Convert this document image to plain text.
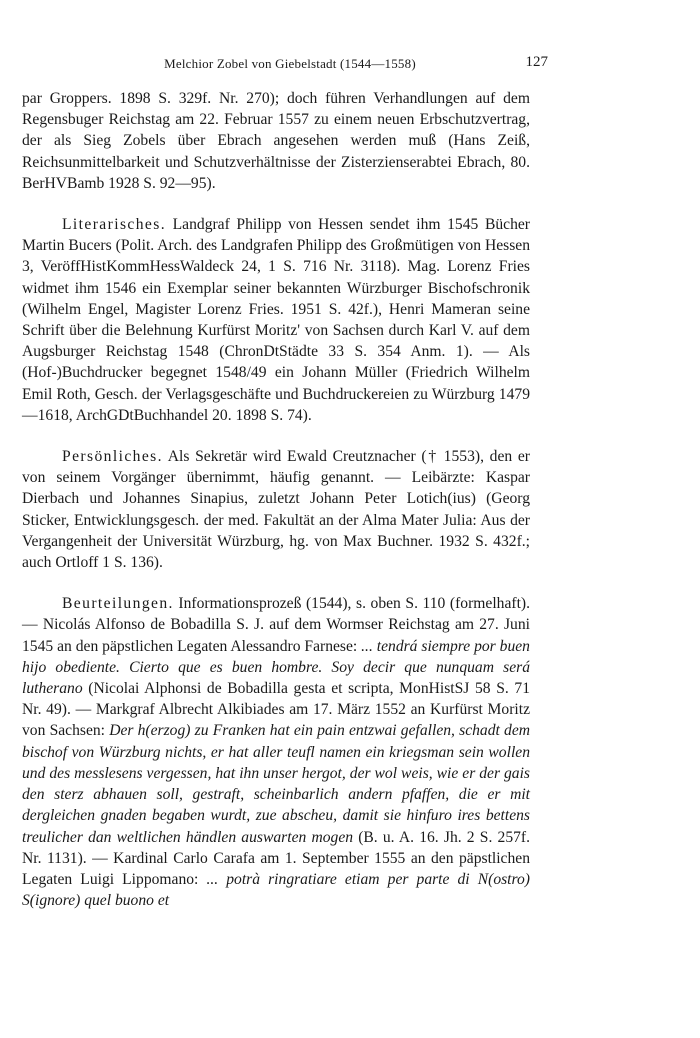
Melchior Zobel von Giebelstadt (1544—1558)	127

par Groppers. 1898 S. 329f. Nr. 270); doch führen Verhandlungen auf dem Regensbuger Reichstag am 22. Februar 1557 zu einem neuen Erbschutzvertrag, der als Sieg Zobels über Ebrach angesehen werden muß (Hans Zeiß, Reichsunmittelbarkeit und Schutzverhältnisse der Zisterzienserabtei Ebrach, 80. BerHVBamb 1928 S. 92—95).

Literarisches. Landgraf Philipp von Hessen sendet ihm 1545 Bücher Martin Bucers (Polit. Arch. des Landgrafen Philipp des Großmütigen von Hessen 3, VeröffHistKommHessWaldeck 24, 1 S. 716 Nr. 3118). Mag. Lorenz Fries widmet ihm 1546 ein Exemplar seiner bekannten Würzburger Bischofschronik (Wilhelm Engel, Magister Lorenz Fries. 1951 S. 42f.), Henri Mameran seine Schrift über die Belehnung Kurfürst Moritz' von Sachsen durch Karl V. auf dem Augsburger Reichstag 1548 (ChronDtStädte 33 S. 354 Anm. 1). — Als (Hof-)Buchdrucker begegnet 1548/49 ein Johann Müller (Friedrich Wilhelm Emil Roth, Gesch. der Verlagsgeschäfte und Buchdruckereien zu Würzburg 1479—1618, ArchGDtBuchhandel 20. 1898 S. 74).

Persönliches. Als Sekretär wird Ewald Creutznacher († 1553), den er von seinem Vorgänger übernimmt, häufig genannt. — Leibärzte: Kaspar Dierbach und Johannes Sinapius, zuletzt Johann Peter Lotich(ius) (Georg Sticker, Entwicklungsgesch. der med. Fakultät an der Alma Mater Julia: Aus der Vergangenheit der Universität Würzburg, hg. von Max Buchner. 1932 S. 432f.; auch Ortloff 1 S. 136).

Beurteilungen. Informationsprozeß (1544), s. oben S. 110 (formelhaft). — Nicolás Alfonso de Bobadilla S. J. auf dem Wormser Reichstag am 27. Juni 1545 an den päpstlichen Legaten Alessandro Farnese: ... tendrá siempre por buen hijo obediente. Cierto que es buen hombre. Soy decir que nunquam será lutherano (Nicolai Alphonsi de Bobadilla gesta et scripta, MonHistSJ 58 S. 71 Nr. 49). — Markgraf Albrecht Alkibiades am 17. März 1552 an Kurfürst Moritz von Sachsen: Der h(erzog) zu Franken hat ein pain entzwai gefallen, schadt dem bischof von Würzburg nichts, er hat aller teufl namen ein kriegsman sein wollen und des messlesens vergessen, hat ihn unser hergot, der wol weis, wie er der gais den sterz abhauen soll, gestraft, scheinbarlich andern pfaffen, die er mit dergleichen gnaden begaben wurdt, zue abscheu, damit sie hinfuro ires bettens treulicher dan weltlichen händlen auswarten mogen (B. u. A. 16. Jh. 2 S. 257f. Nr. 1131). — Kardinal Carlo Carafa am 1. September 1555 an den päpstlichen Legaten Luigi Lippomano: ... potrà ringratiare etiam per parte di N(ostro) S(ignore) quel buono et
